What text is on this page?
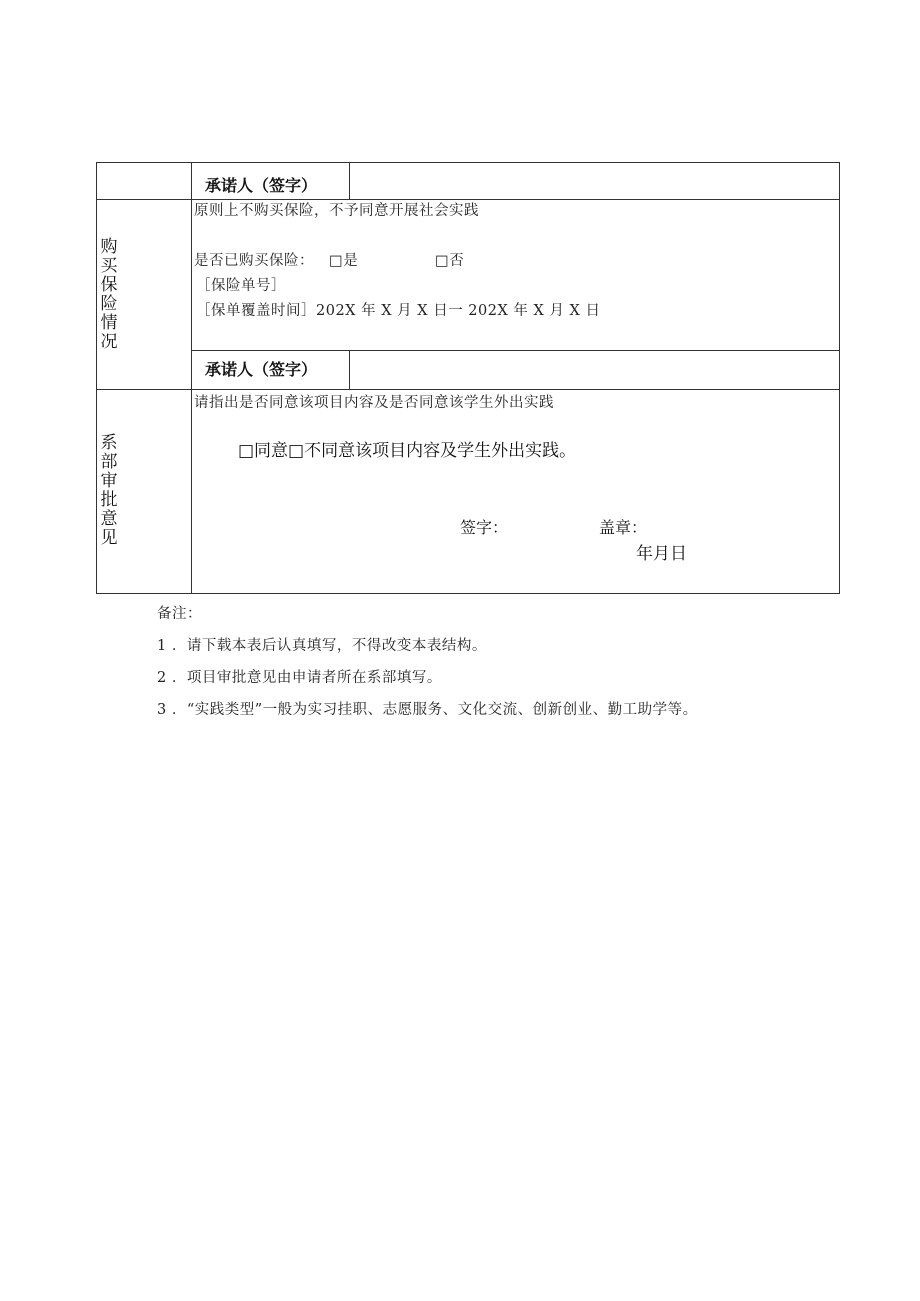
承诺人（签字）
购买保险情况
原则上不购买保险，不予同意开展社会实践
是否已购买保险： □是	□否
［保险单号］
［保单覆盖时间］202X 年 X 月 X 日一 202X 年 X 月 X 日
承诺人（签字）
系部审批意见
请指出是否同意该项目内容及是否同意该学生外出实践
□同意□不同意该项目内容及学生外出实践。
签字：	盖章：
年月日
备注：
1 ．请下载本表后认真填写，不得改变本表结构。
2 ．项目审批意见由申请者所在系部填写。
3 ．“实践类型”一般为实习挂职、志愿服务、文化交流、创新创业、勤工助学等。
